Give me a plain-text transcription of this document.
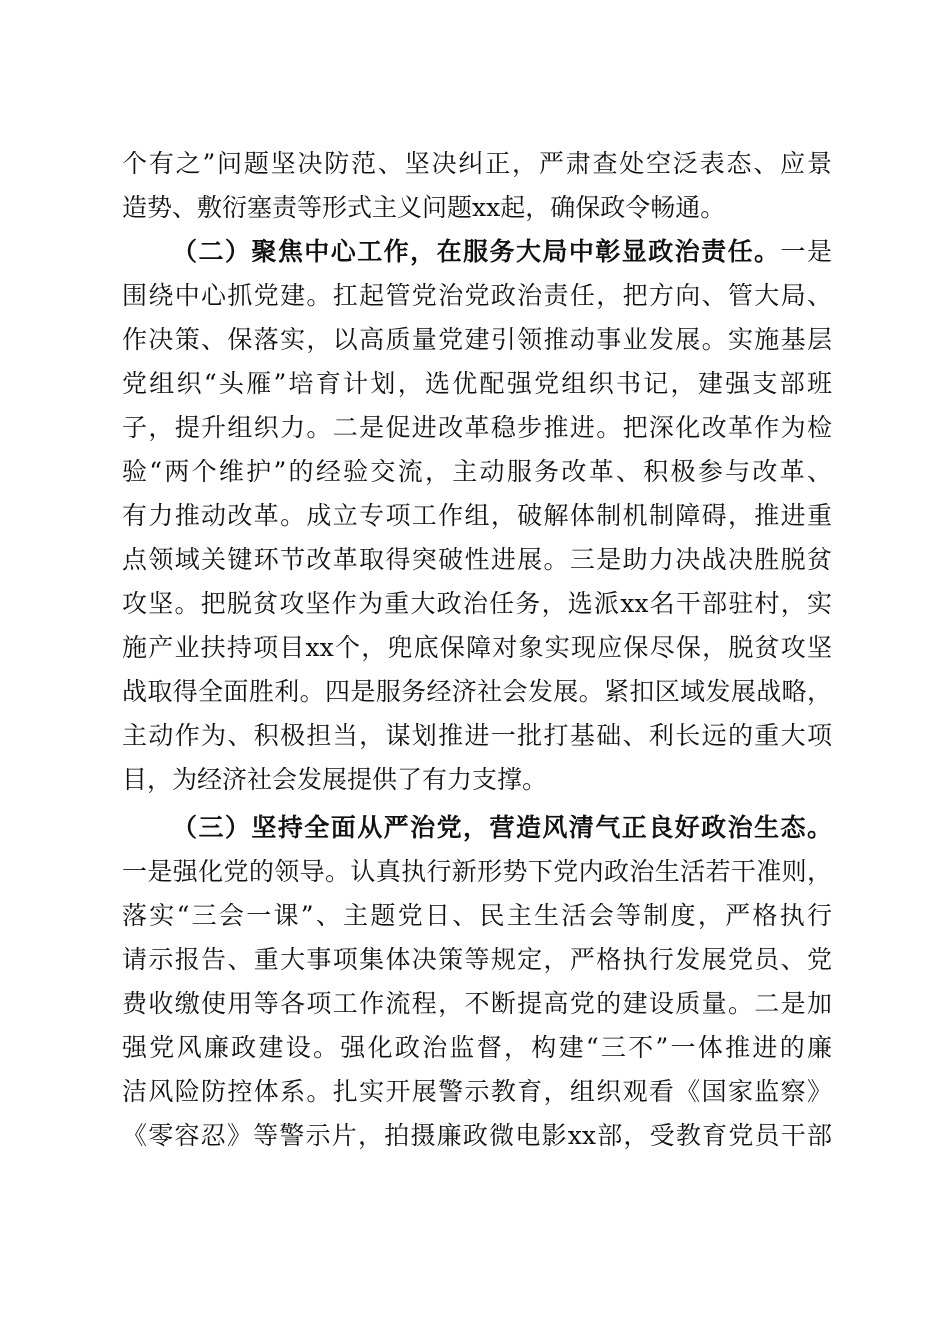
个有之”问题坚决防范、坚决纠正，严肃查处空泛表态、应景
造势、敷衍塞责等形式主义问题xx起，确保政令畅通。
（二）聚焦中心工作，在服务大局中彰显政治责任。一是
围绕中心抓党建。扛起管党治党政治责任，把方向、管大局、
作决策、保落实，以高质量党建引领推动事业发展。实施基层
党组织“头雁”培育计划，选优配强党组织书记，建强支部班
子，提升组织力。二是促进改革稳步推进。把深化改革作为检
验“两个维护”的经验交流，主动服务改革、积极参与改革、
有力推动改革。成立专项工作组，破解体制机制障碍，推进重
点领域关键环节改革取得突破性进展。三是助力决战决胜脱贫
攻坚。把脱贫攻坚作为重大政治任务，选派xx名干部驻村，实
施产业扶持项目xx个，兜底保障对象实现应保尽保，脱贫攻坚
战取得全面胜利。四是服务经济社会发展。紧扣区域发展战略，
主动作为、积极担当，谋划推进一批打基础、利长远的重大项
目，为经济社会发展提供了有力支撑。
（三）坚持全面从严治党，营造风清气正良好政治生态。
一是强化党的领导。认真执行新形势下党内政治生活若干准则，
落实“三会一课”、主题党日、民主生活会等制度，严格执行
请示报告、重大事项集体决策等规定，严格执行发展党员、党
费收缴使用等各项工作流程，不断提高党的建设质量。二是加
强党风廉政建设。强化政治监督，构建“三不”一体推进的廉
洁风险防控体系。扎实开展警示教育，组织观看《国家监察》
《零容忍》等警示片，拍摄廉政微电影xx部，受教育党员干部
